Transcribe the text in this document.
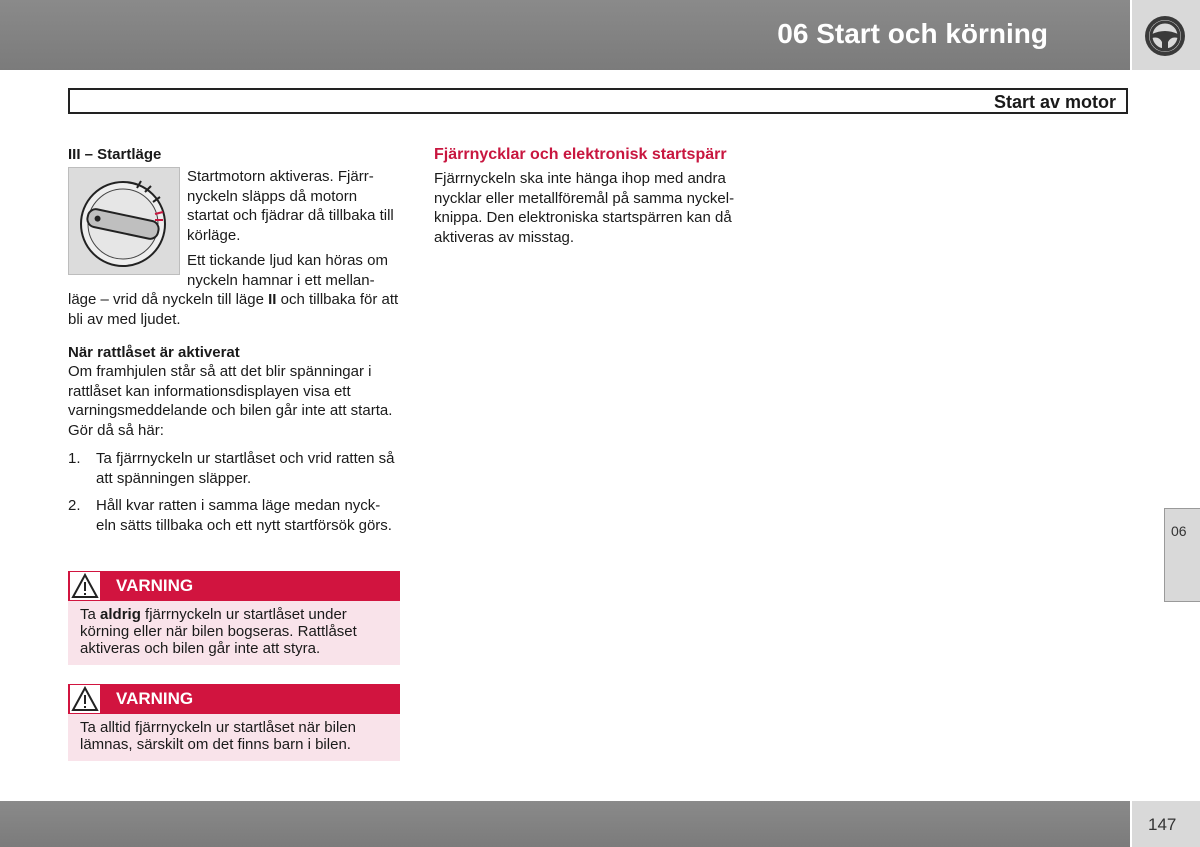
06 Start och körning
Start av motor

III – Startläge

Startmotorn aktiveras. Fjärr-nyckeln släpps då motorn startat och fjädrar då tillbaka till körläge.

Ett tickande ljud kan höras om nyckeln hamnar i ett mellan-

läge – vrid då nyckeln till läge II och tillbaka för att bli av med ljudet.

När rattlåset är aktiverat

Om framhjulen står så att det blir spänningar i rattlåset kan informationsdisplayen visa ett varningsmeddelande och bilen går inte att starta. Gör då så här:

1.	Ta fjärrnyckeln ur startlåset och vrid ratten så att spänningen släpper.
2.	Håll kvar ratten i samma läge medan nyck-eln sätts tillbaka och ett nytt startförsök görs.
VARNING
Ta aldrig fjärrnyckeln ur startlåset under körning eller när bilen bogseras. Rattlåset aktiveras och bilen går inte att styra.
VARNING
Ta alltid fjärrnyckeln ur startlåset när bilen lämnas, särskilt om det finns barn i bilen.

Fjärrnycklar och elektronisk startspärr

Fjärrnyckeln ska inte hänga ihop med andra nycklar eller metallföremål på samma nyckel-knippa. Den elektroniska startspärren kan då aktiveras av misstag.

06
147
